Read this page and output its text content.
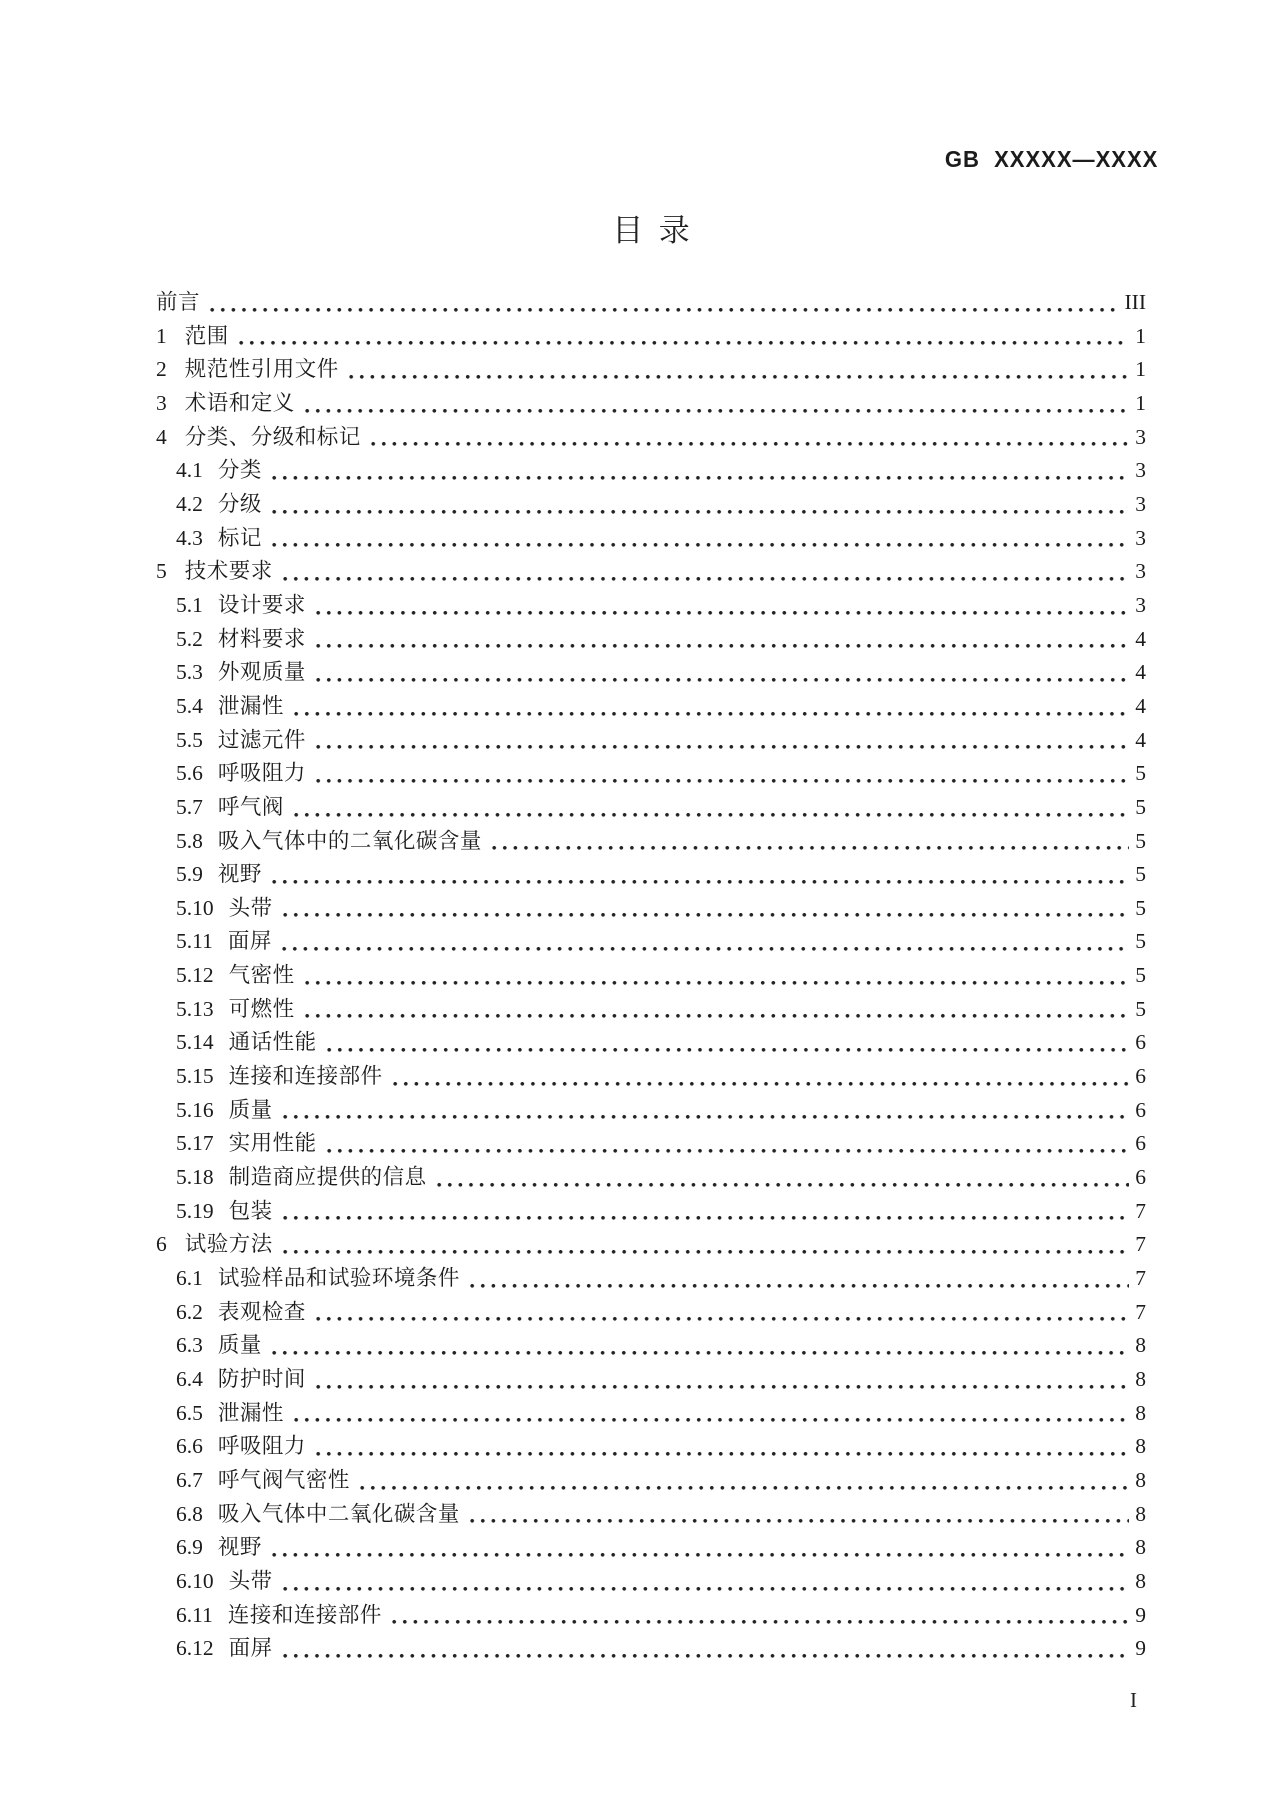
GB  XXXXX—XXXX
目  录
前言	III
1 范围	1
2 规范性引用文件	1
3 术语和定义	1
4 分类、分级和标记	3
4.1 分类	3
4.2 分级	3
4.3 标记	3
5 技术要求	3
5.1 设计要求	3
5.2 材料要求	4
5.3 外观质量	4
5.4 泄漏性	4
5.5 过滤元件	4
5.6 呼吸阻力	5
5.7 呼气阀	5
5.8 吸入气体中的二氧化碳含量	5
5.9 视野	5
5.10 头带	5
5.11 面屏	5
5.12 气密性	5
5.13 可燃性	5
5.14 通话性能	6
5.15 连接和连接部件	6
5.16 质量	6
5.17 实用性能	6
5.18 制造商应提供的信息	6
5.19 包装	7
6 试验方法	7
6.1 试验样品和试验环境条件	7
6.2 表观检查	7
6.3 质量	8
6.4 防护时间	8
6.5 泄漏性	8
6.6 呼吸阻力	8
6.7 呼气阀气密性	8
6.8 吸入气体中二氧化碳含量	8
6.9 视野	8
6.10 头带	8
6.11 连接和连接部件	9
6.12 面屏	9
I
